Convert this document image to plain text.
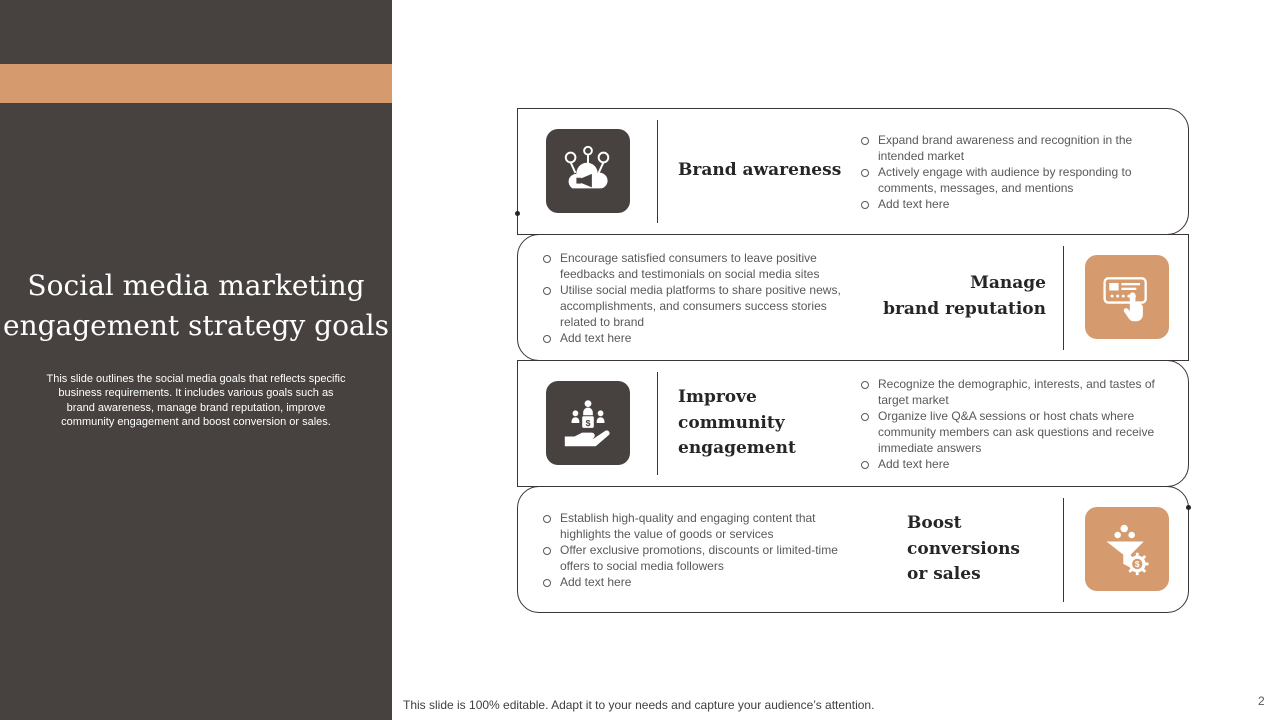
Social media marketing
engagement strategy goals
This slide outlines the social media goals that reflects specific business requirements. It includes various goals such as brand awareness, manage brand reputation, improve community engagement and boost conversion or sales.
Brand awareness
Expand brand awareness and recognition in the intended market
Actively engage with audience by responding to comments, messages, and mentions
Add text here
Encourage satisfied consumers to leave positive feedbacks and testimonials on social media sites
Utilise social media platforms to share positive news, accomplishments, and consumers success stories related to brand
Add text here
Manage
brand reputation
$
Improve
community
engagement
Recognize the demographic, interests, and tastes of target market
Organize live Q&A sessions or host chats where community members can ask questions and receive immediate answers
Add text here
Establish high-quality and engaging content that highlights the value of goods or services
Offer exclusive promotions, discounts or limited-time offers to social media followers
Add text here
Boost
conversions
or sales	$
This slide is 100% editable. Adapt it to your needs and capture your audience’s attention.	2
